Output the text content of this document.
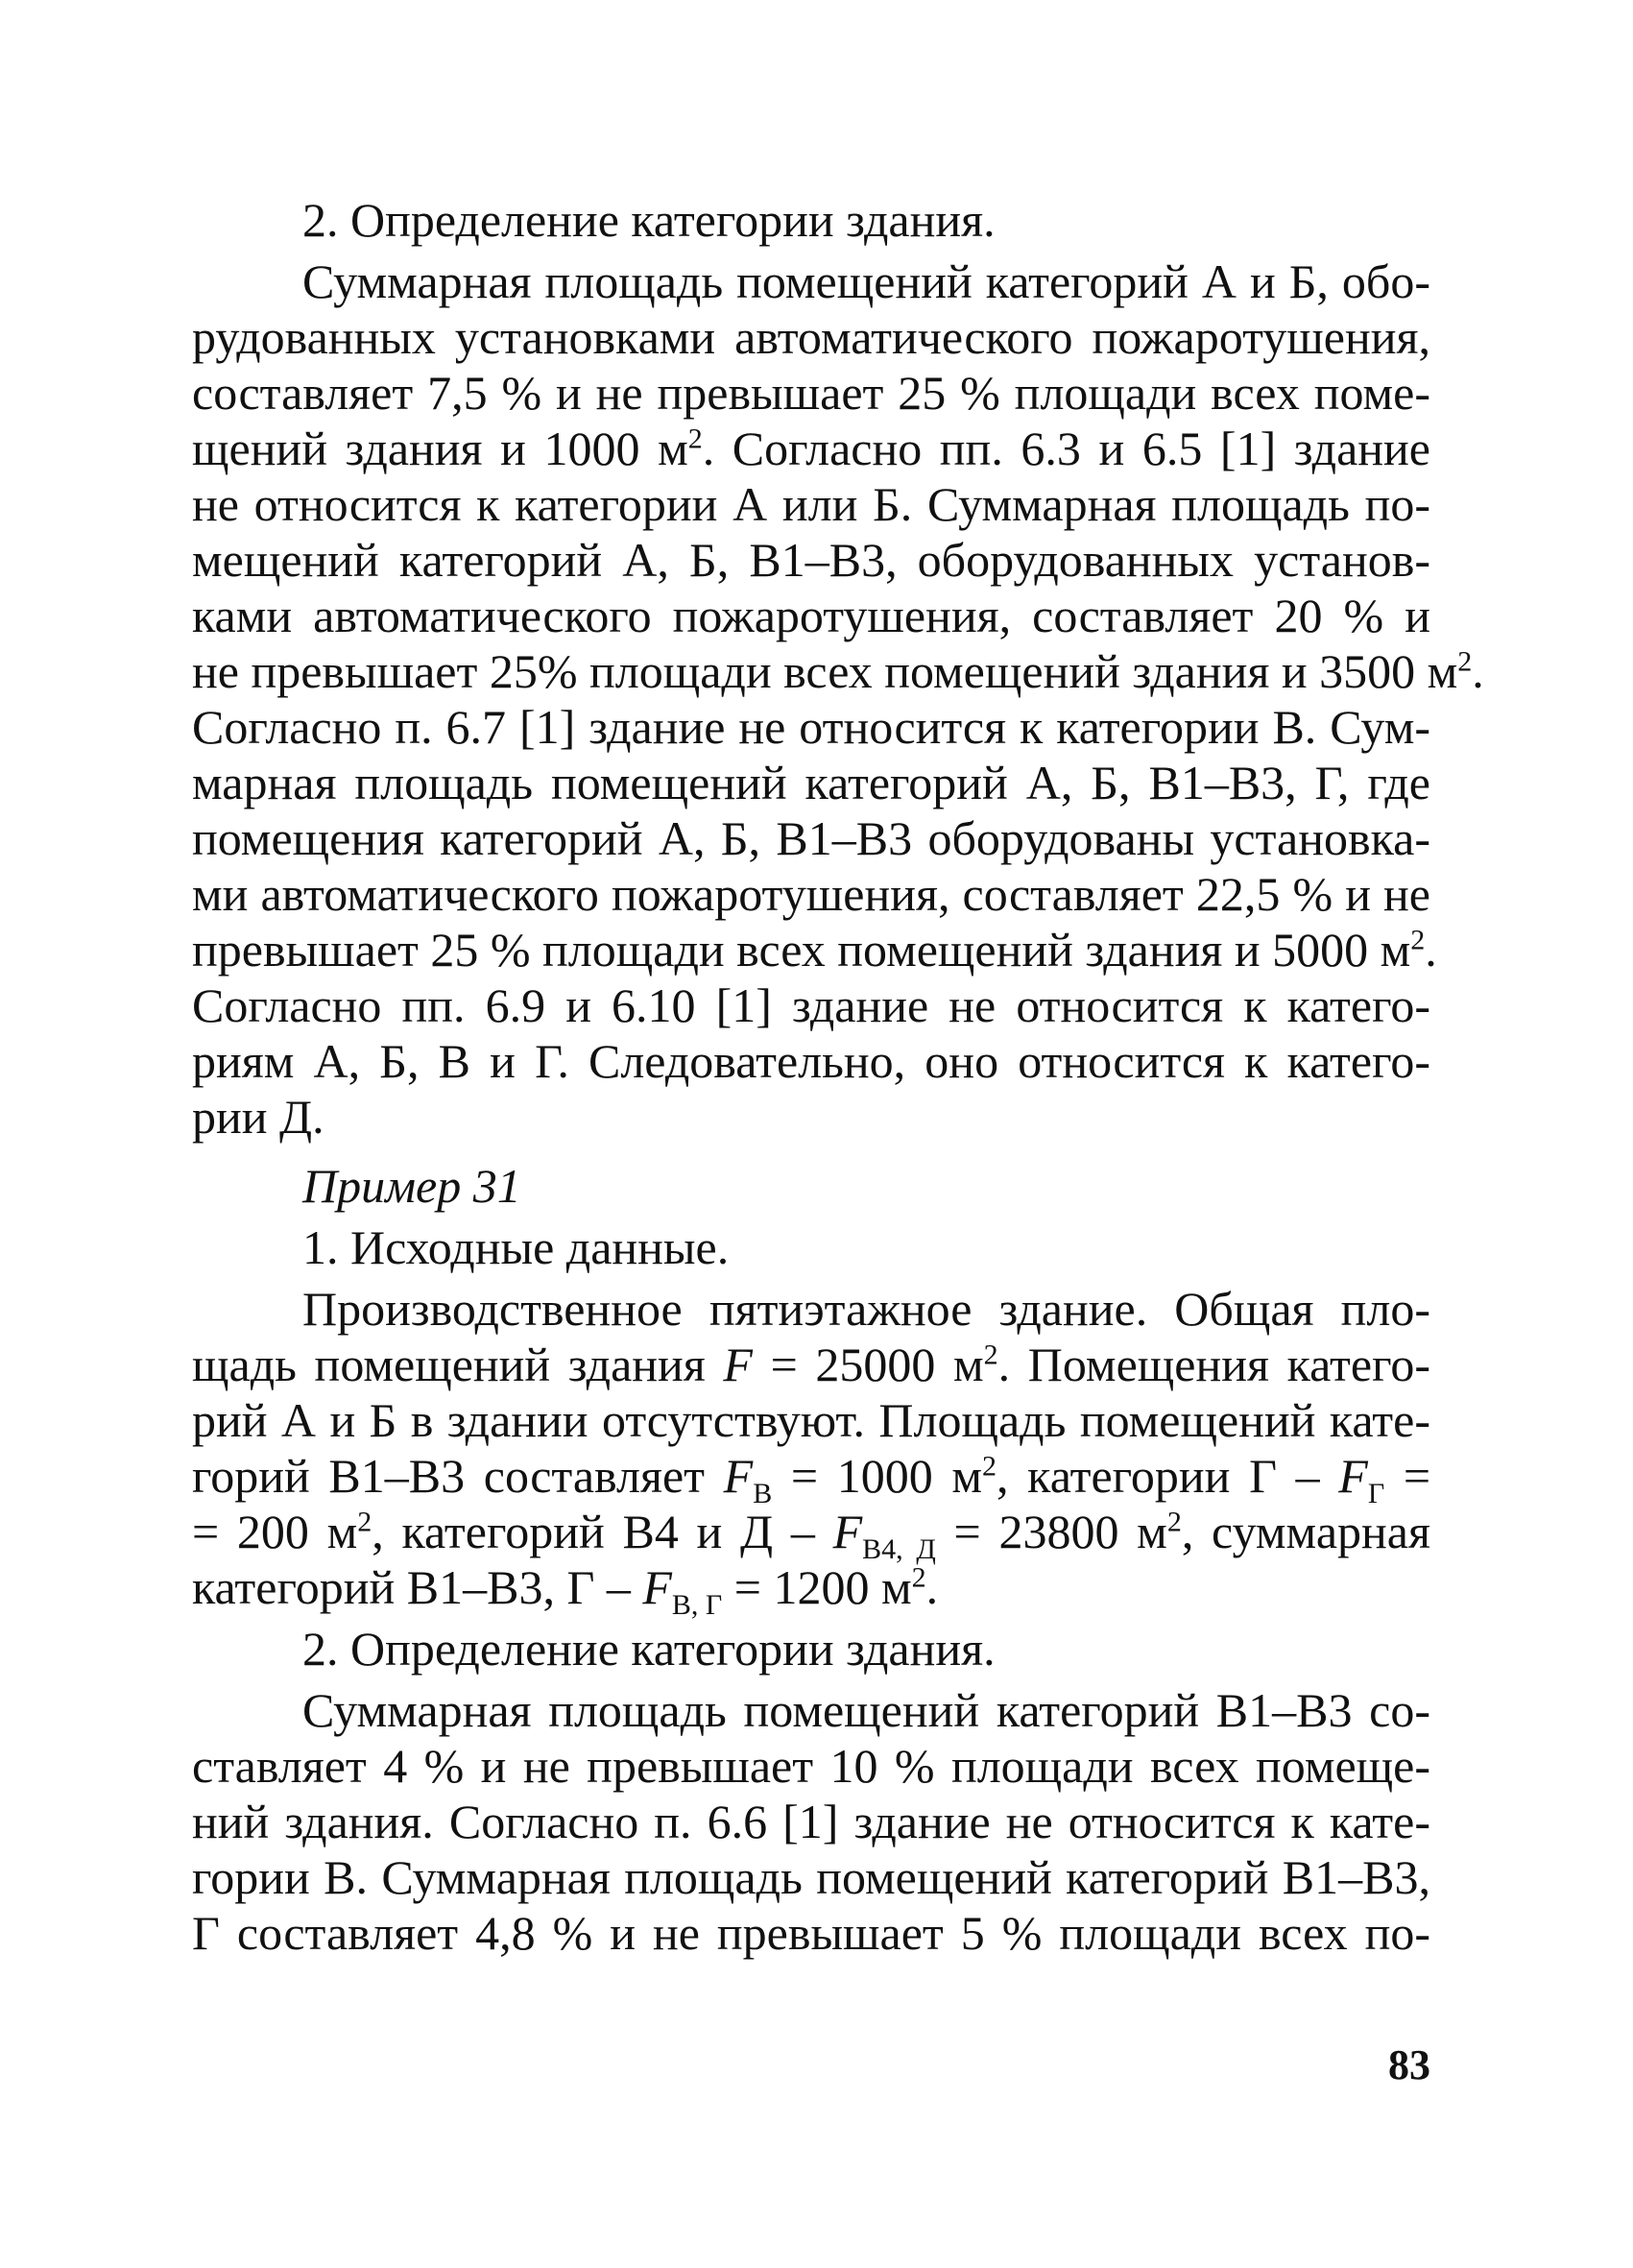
2. Определение категории здания.
Суммарная площадь помещений категорий А и Б, обо-
рудованных установками автоматического пожаротушения,
составляет 7,5 % и не превышает 25 % площади всех поме-
щений здания и 1000 $м^2$. Согласно пп. 6.3 и 6.5 [1] здание
не относится к категории А или Б. Суммарная площадь по-
мещений категорий А, Б, В1–В3, оборудованных установ-
ками автоматического пожаротушения, составляет 20 % и
не превышает 25% площади всех помещений здания и 3500 $м^2$.
Согласно п. 6.7 [1] здание не относится к категории В. Сум-
марная площадь помещений категорий А, Б, В1–В3, Г, где
помещения категорий А, Б, В1–В3 оборудованы установка-
ми автоматического пожаротушения, составляет 22,5 % и не
превышает 25 % площади всех помещений здания и 5000 $м^2$.
Согласно пп. 6.9 и 6.10 [1] здание не относится к катего-
риям А, Б, В и Г. Следовательно, оно относится к катего-
рии Д.
Пример 31
1. Исходные данные.
Производственное пятиэтажное здание. Общая пло-
щадь помещений здания F = 25000 $м^2$. Помещения катего-
рий А и Б в здании отсутствуют. Площадь помещений кате-
горий В1–В3 составляет $F_В = 1000$ $м^2$, категории Г – $F_Г$ =
= 200 $м^2$, категорий В4 и $Д - F_{В4, Д} = 23800$ $м^2$, суммарная
категорий В1–В3, $Г - F_{В, Г} = 1200$ $м^2$.
2. Определение категории здания.
Суммарная площадь помещений категорий В1–В3 со-
ставляет 4 % и не превышает 10 % площади всех помеще-
ний здания. Согласно п. 6.6 [1] здание не относится к кате-
гории В. Суммарная площадь помещений категорий В1–В3,
Г составляет 4,8 % и не превышает 5 % площади всех по-
83
